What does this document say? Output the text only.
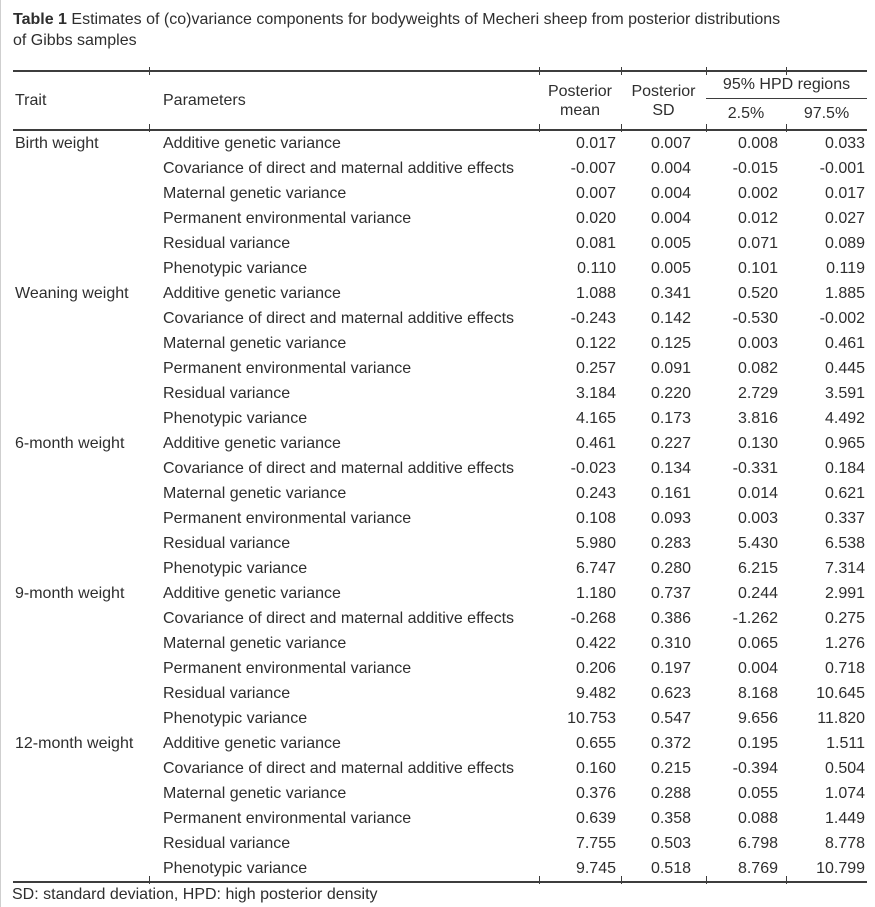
Table 1 Estimates of (co)variance components for bodyweights of Mecheri sheep from posterior distributions
of Gibbs samples
Trait	Parameters	Posterior mean	Posterior SD	95% HPD regions	
				2.5%	97.5%
Birth weight	Additive genetic variance	0.017	0.007	0.008	0.033
	Covariance of direct and maternal additive effects	-0.007	0.004	-0.015	-0.001
	Maternal genetic variance	0.007	0.004	0.002	0.017
	Permanent environmental variance	0.020	0.004	0.012	0.027
	Residual variance	0.081	0.005	0.071	0.089
	Phenotypic variance	0.110	0.005	0.101	0.119
Weaning weight	Additive genetic variance	1.088	0.341	0.520	1.885
	Covariance of direct and maternal additive effects	-0.243	0.142	-0.530	-0.002
	Maternal genetic variance	0.122	0.125	0.003	0.461
	Permanent environmental variance	0.257	0.091	0.082	0.445
	Residual variance	3.184	0.220	2.729	3.591
	Phenotypic variance	4.165	0.173	3.816	4.492
6-month weight	Additive genetic variance	0.461	0.227	0.130	0.965
	Covariance of direct and maternal additive effects	-0.023	0.134	-0.331	0.184
	Maternal genetic variance	0.243	0.161	0.014	0.621
	Permanent environmental variance	0.108	0.093	0.003	0.337
	Residual variance	5.980	0.283	5.430	6.538
	Phenotypic variance	6.747	0.280	6.215	7.314
9-month weight	Additive genetic variance	1.180	0.737	0.244	2.991
	Covariance of direct and maternal additive effects	-0.268	0.386	-1.262	0.275
	Maternal genetic variance	0.422	0.310	0.065	1.276
	Permanent environmental variance	0.206	0.197	0.004	0.718
	Residual variance	9.482	0.623	8.168	10.645
	Phenotypic variance	10.753	0.547	9.656	11.820
12-month weight	Additive genetic variance	0.655	0.372	0.195	1.511
	Covariance of direct and maternal additive effects	0.160	0.215	-0.394	0.504
	Maternal genetic variance	0.376	0.288	0.055	1.074
	Permanent environmental variance	0.639	0.358	0.088	1.449
	Residual variance	7.755	0.503	6.798	8.778
	Phenotypic variance	9.745	0.518	8.769	10.799
SD: standard deviation, HPD: high posterior density
